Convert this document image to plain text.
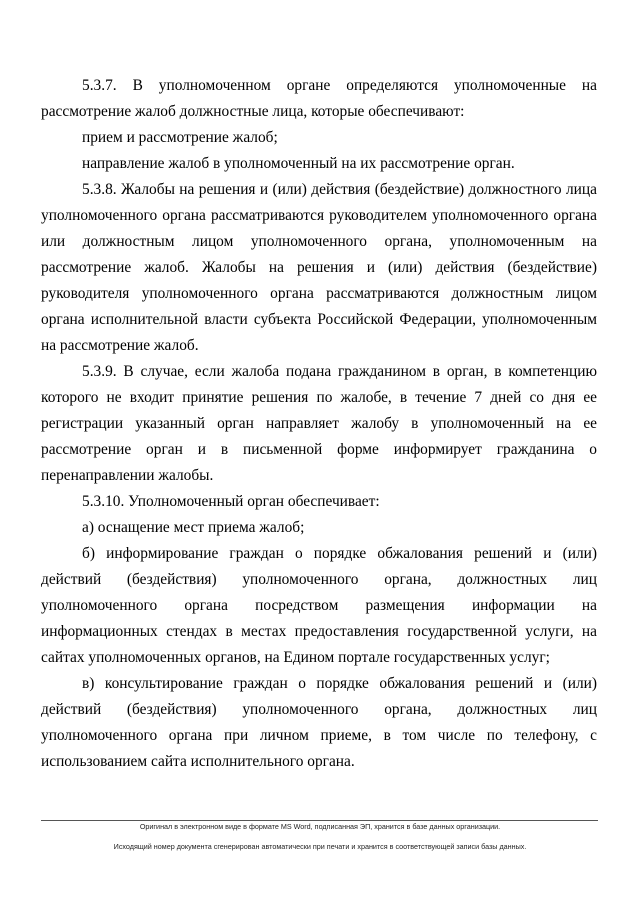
5.3.7. В уполномоченном органе определяются уполномоченные на рассмотрение жалоб должностные лица, которые обеспечивают:

прием и рассмотрение жалоб;

направление жалоб в уполномоченный на их рассмотрение орган.

5.3.8. Жалобы на решения и (или) действия (бездействие) должностного лица уполномоченного органа рассматриваются руководителем уполномоченного органа или должностным лицом уполномоченного органа, уполномоченным на рассмотрение жалоб. Жалобы на решения и (или) действия (бездействие) руководителя уполномоченного органа рассматриваются должностным лицом органа исполнительной власти субъекта Российской Федерации, уполномоченным на рассмотрение жалоб.

5.3.9. В случае, если жалоба подана гражданином в орган, в компетенцию которого не входит принятие решения по жалобе, в течение 7 дней со дня ее регистрации указанный орган направляет жалобу в уполномоченный на ее рассмотрение орган и в письменной форме информирует гражданина о перенаправлении жалобы.

5.3.10. Уполномоченный орган обеспечивает:

а) оснащение мест приема жалоб;

б) информирование граждан о порядке обжалования решений и (или) действий (бездействия) уполномоченного органа, должностных лиц уполномоченного органа посредством размещения информации на информационных стендах в местах предоставления государственной услуги, на сайтах уполномоченных органов, на Едином портале государственных услуг;

в) консультирование граждан о порядке обжалования решений и (или) действий (бездействия) уполномоченного органа, должностных лиц уполномоченного органа при личном приеме, в том числе по телефону, с использованием сайта исполнительного органа.

Оригинал в электронном виде в формате MS Word, подписанная ЭП, хранится в базе данных организации.
Исходящий номер документа сгенерирован автоматически при печати и хранится в соответствующей записи базы данных.
